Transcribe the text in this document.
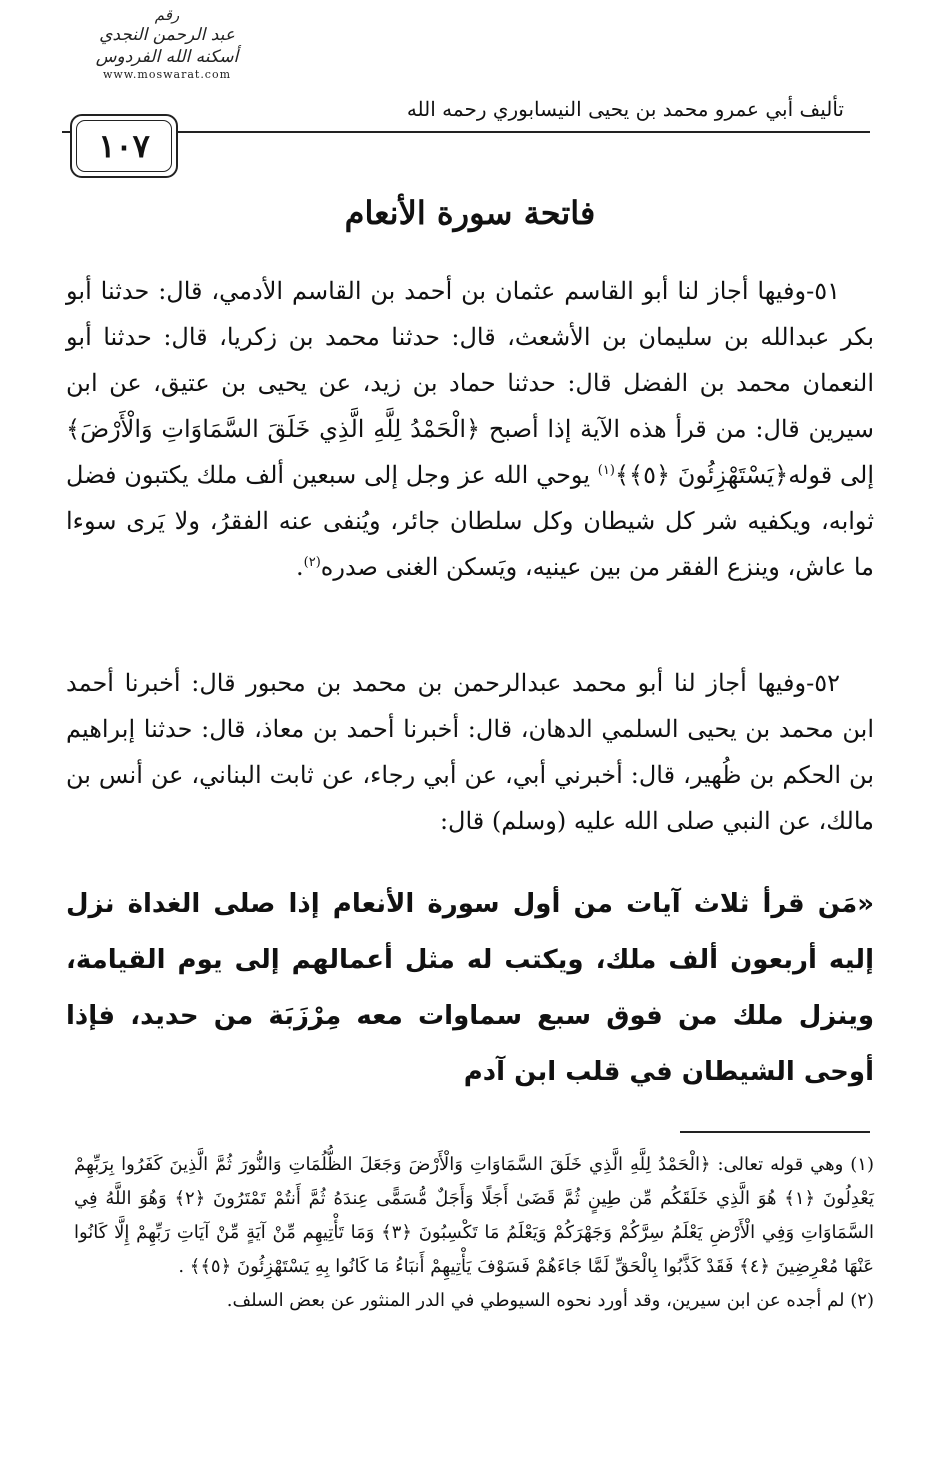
رقم
عبد الرحمن النجدي
أسكنه الله الفردوس
www.moswarat.com
تأليف أبي عمرو محمد بن يحيى النيسابوري رحمه الله
١٠٧
فاتحة سورة الأنعام
٥١-وفيها أجاز لنا أبو القاسم عثمان بن أحمد بن القاسم الأدمي، قال: حدثنا أبو بكر عبدالله بن سليمان بن الأشعث، قال: حدثنا محمد بن زكريا، قال: حدثنا أبو النعمان محمد بن الفضل قال: حدثنا حماد بن زيد، عن يحيى بن عتيق، عن ابن سيرين قال: من قرأ هذه الآية إذا أصبح ﴿الْحَمْدُ لِلَّهِ الَّذِي خَلَقَ السَّمَاوَاتِ وَالْأَرْضَ﴾إلى قوله﴿يَسْتَهْزِئُونَ ﴿٥﴾﴾$^{(١)}$ يوحي الله عز وجل إلى سبعين ألف ملك يكتبون فضل ثوابه، ويكفيه شر كل شيطان وكل سلطان جائر، ويُنفى عنه الفقرُ، ولا يَرى سوءا ما عاش، وينزع الفقر من بين عينيه، ويَسكن الغنى صدره$^{(٢)}$.
٥٢-وفيها أجاز لنا أبو محمد عبدالرحمن بن محمد بن محبور قال: أخبرنا أحمد ابن محمد بن يحيى السلمي الدهان، قال: أخبرنا أحمد بن معاذ، قال: حدثنا إبراهيم بن الحكم بن ظُهير، قال: أخبرني أبي، عن أبي رجاء، عن ثابت البناني، عن أنس بن مالك، عن النبي صلى الله عليه (وسلم) قال:
«مَن قرأ ثلاث آيات من أول سورة الأنعام إذا صلى الغداة نزل إليه أربعون ألف ملك، ويكتب له مثل أعمالهم إلى يوم القيامة، وينزل ملك من فوق سبع سماوات معه مِرْزَبَة من حديد، فإذا أوحى الشيطان في قلب ابن آدم

(١) وهي قوله تعالى: ﴿الْحَمْدُ لِلَّهِ الَّذِي خَلَقَ السَّمَاوَاتِ وَالْأَرْضَ وَجَعَلَ الظُّلُمَاتِ وَالنُّورَ ثُمَّ الَّذِينَ كَفَرُوا بِرَبِّهِمْ يَعْدِلُونَ ﴿١﴾ هُوَ الَّذِي خَلَقَكُم مِّن طِينٍ ثُمَّ قَضَىٰ أَجَلًا وَأَجَلٌ مُّسَمًّى عِندَهُ ثُمَّ أَنتُمْ تَمْتَرُونَ ﴿٢﴾ وَهُوَ اللَّهُ فِي السَّمَاوَاتِ وَفِي الْأَرْضِ يَعْلَمُ سِرَّكُمْ وَجَهْرَكُمْ وَيَعْلَمُ مَا تَكْسِبُونَ ﴿٣﴾ وَمَا تَأْتِيهِم مِّنْ آيَةٍ مِّنْ آيَاتِ رَبِّهِمْ إِلَّا كَانُوا عَنْهَا مُعْرِضِينَ ﴿٤﴾ فَقَدْ كَذَّبُوا بِالْحَقِّ لَمَّا جَاءَهُمْ فَسَوْفَ يَأْتِيهِمْ أَنبَاءُ مَا كَانُوا بِهِ يَسْتَهْزِئُونَ ﴿٥﴾﴾ .

(٢) لم أجده عن ابن سيرين، وقد أورد نحوه السيوطي في الدر المنثور عن بعض السلف.
